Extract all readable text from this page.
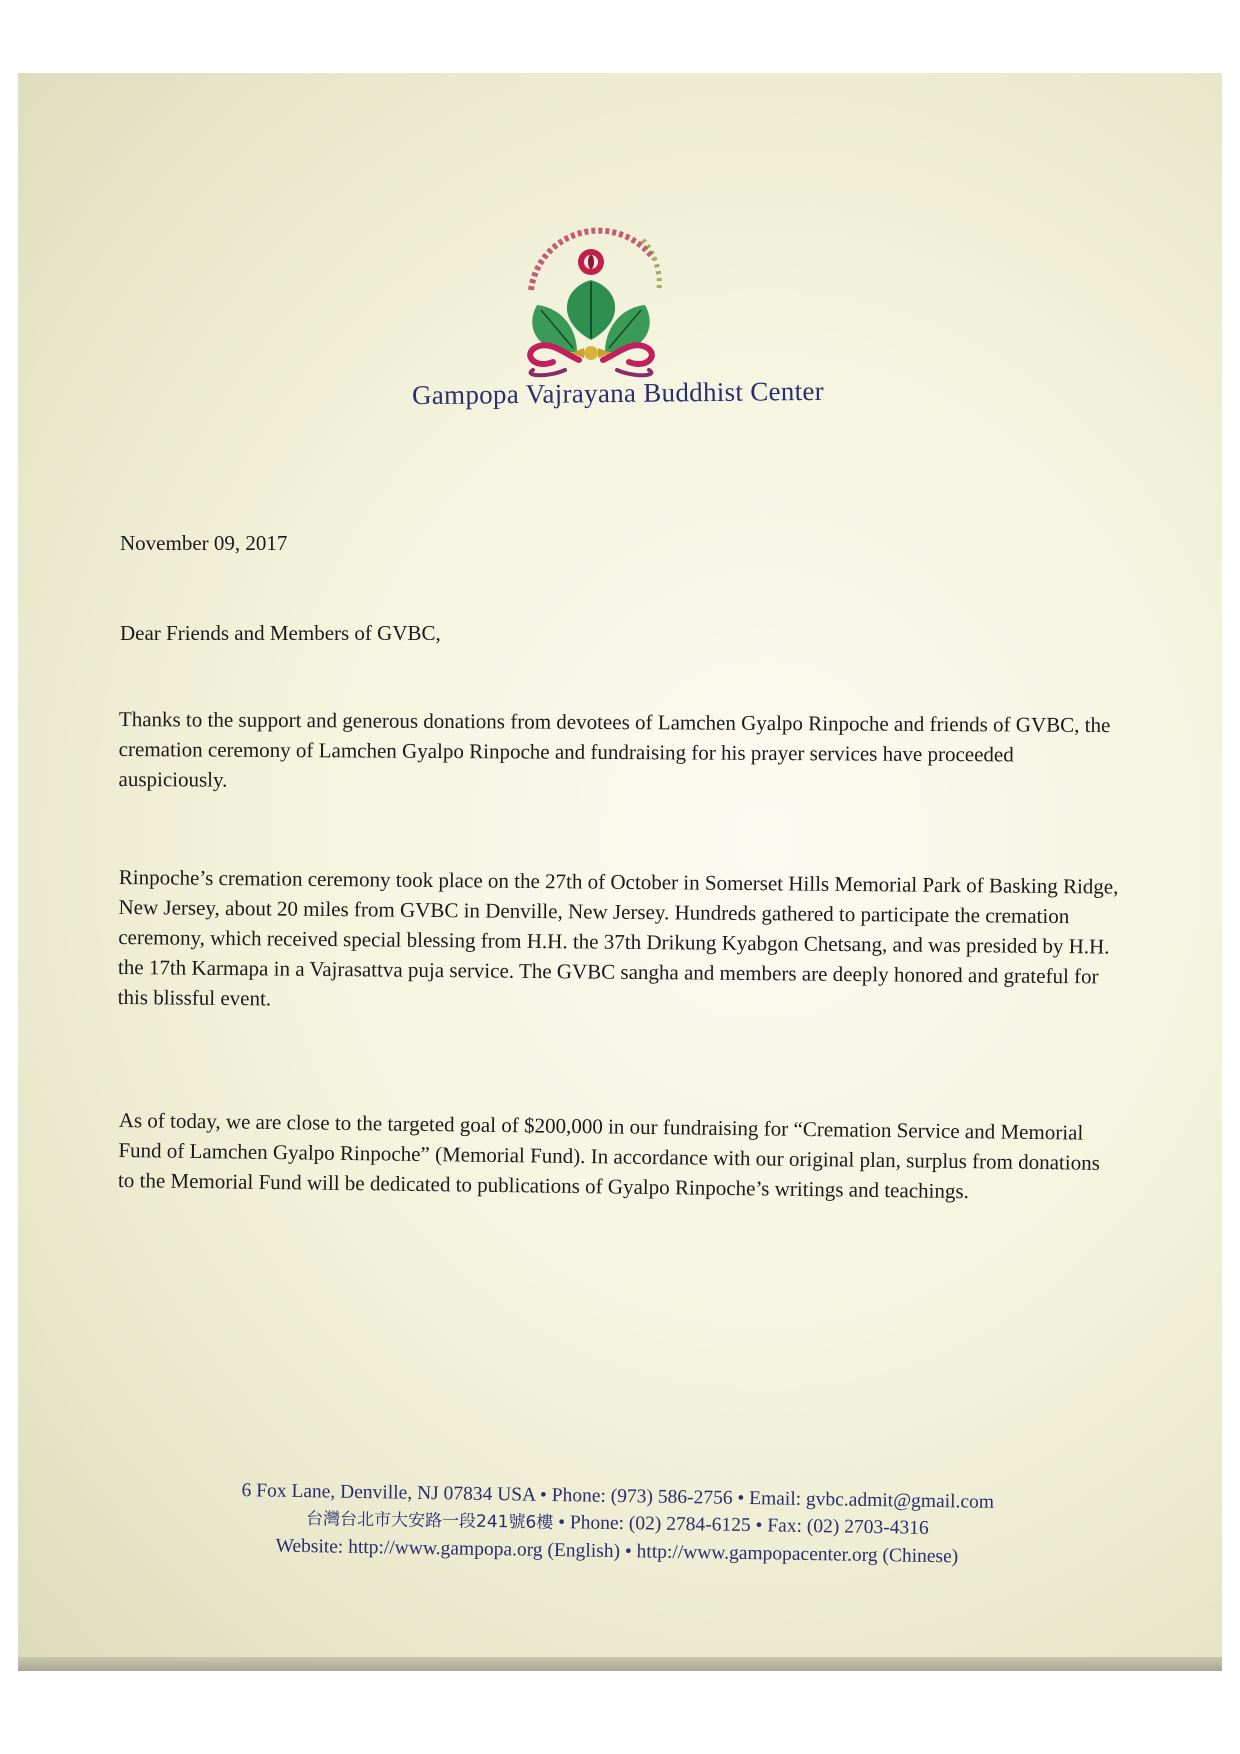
Gampopa Vajrayana Buddhist Center
November 09, 2017
Dear Friends and Members of GVBC,

Thanks to the support and generous donations from devotees of Lamchen Gyalpo Rinpoche and friends of GVBC, the cremation ceremony of Lamchen Gyalpo Rinpoche and fundraising for his prayer services have proceeded auspiciously.

Rinpoche’s cremation ceremony took place on the 27th of October in Somerset Hills Memorial Park of Basking Ridge, New Jersey, about 20 miles from GVBC in Denville, New Jersey. Hundreds gathered to participate the cremation ceremony, which received special blessing from H.H. the 37th Drikung Kyabgon Chetsang, and was presided by H.H. the 17th Karmapa in a Vajrasattva puja service. The GVBC sangha and members are deeply honored and grateful for this blissful event.

As of today, we are close to the targeted goal of $200,000 in our fundraising for “Cremation Service and Memorial Fund of Lamchen Gyalpo Rinpoche” (Memorial Fund). In accordance with our original plan, surplus from donations to the Memorial Fund will be dedicated to publications of Gyalpo Rinpoche’s writings and teachings.

6 Fox Lane, Denville, NJ 07834 USA • Phone: (973) 586-2756 • Email: gvbc.admit@gmail.com
台灣台北市大安路一段241號6樓 • Phone: (02) 2784-6125 • Fax: (02) 2703-4316
Website: http://www.gampopa.org (English) • http://www.gampopacenter.org (Chinese)
